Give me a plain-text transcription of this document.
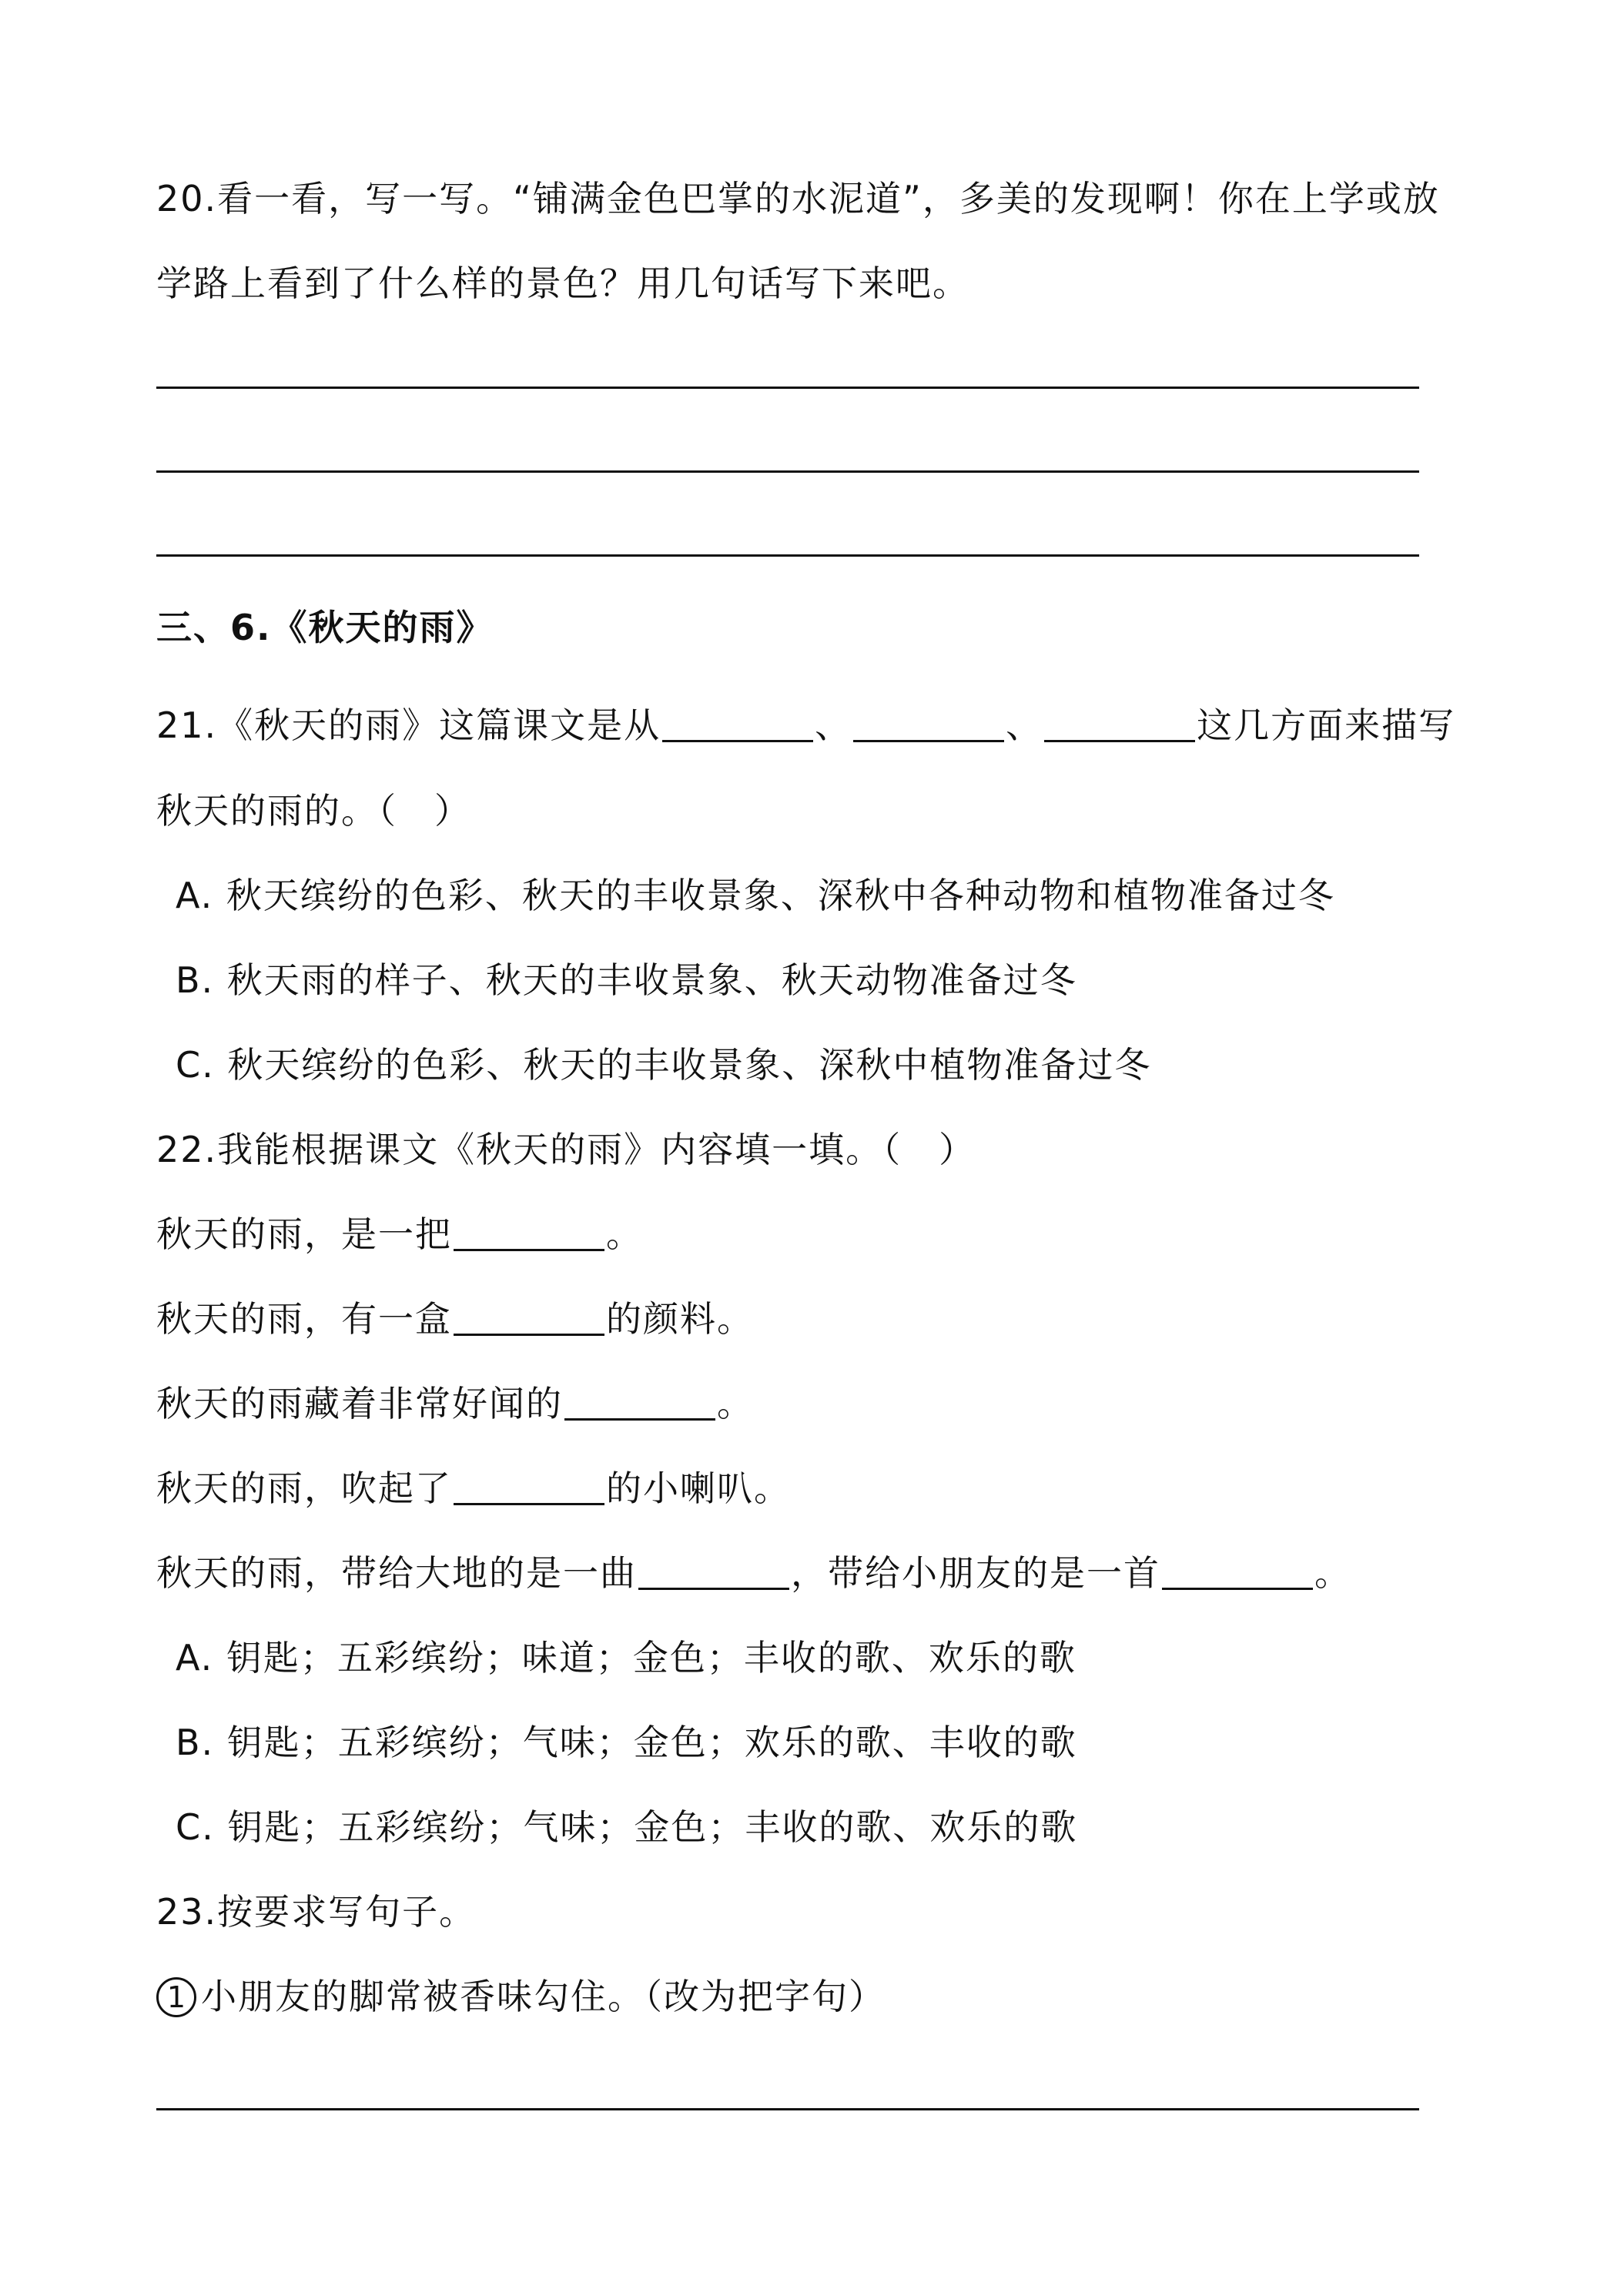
20.看一看，写一写。“铺满金色巴掌的水泥道”，多美的发现啊！你在上学或放
学路上看到了什么样的景色？用几句话写下来吧。
三、6.《秋天的雨》
21.《秋天的雨》这篇课文是从	、	、	这几方面来描写
秋天的雨的。（　）
A. 秋天缤纷的色彩、秋天的丰收景象、深秋中各种动物和植物准备过冬
B. 秋天雨的样子、秋天的丰收景象、秋天动物准备过冬
C. 秋天缤纷的色彩、秋天的丰收景象、深秋中植物准备过冬
22.我能根据课文《秋天的雨》内容填一填。（　）
秋天的雨，是一把	。
秋天的雨，有一盒	的颜料。
秋天的雨藏着非常好闻的	。
秋天的雨，吹起了	的小喇叭。
秋天的雨，带给大地的是一曲	，带给小朋友的是一首	。
A. 钥匙；五彩缤纷；味道；金色；丰收的歌、欢乐的歌
B. 钥匙；五彩缤纷；气味；金色；欢乐的歌、丰收的歌
C. 钥匙；五彩缤纷；气味；金色；丰收的歌、欢乐的歌
23.按要求写句子。
1 小朋友的脚常被香味勾住。（改为把字句）
